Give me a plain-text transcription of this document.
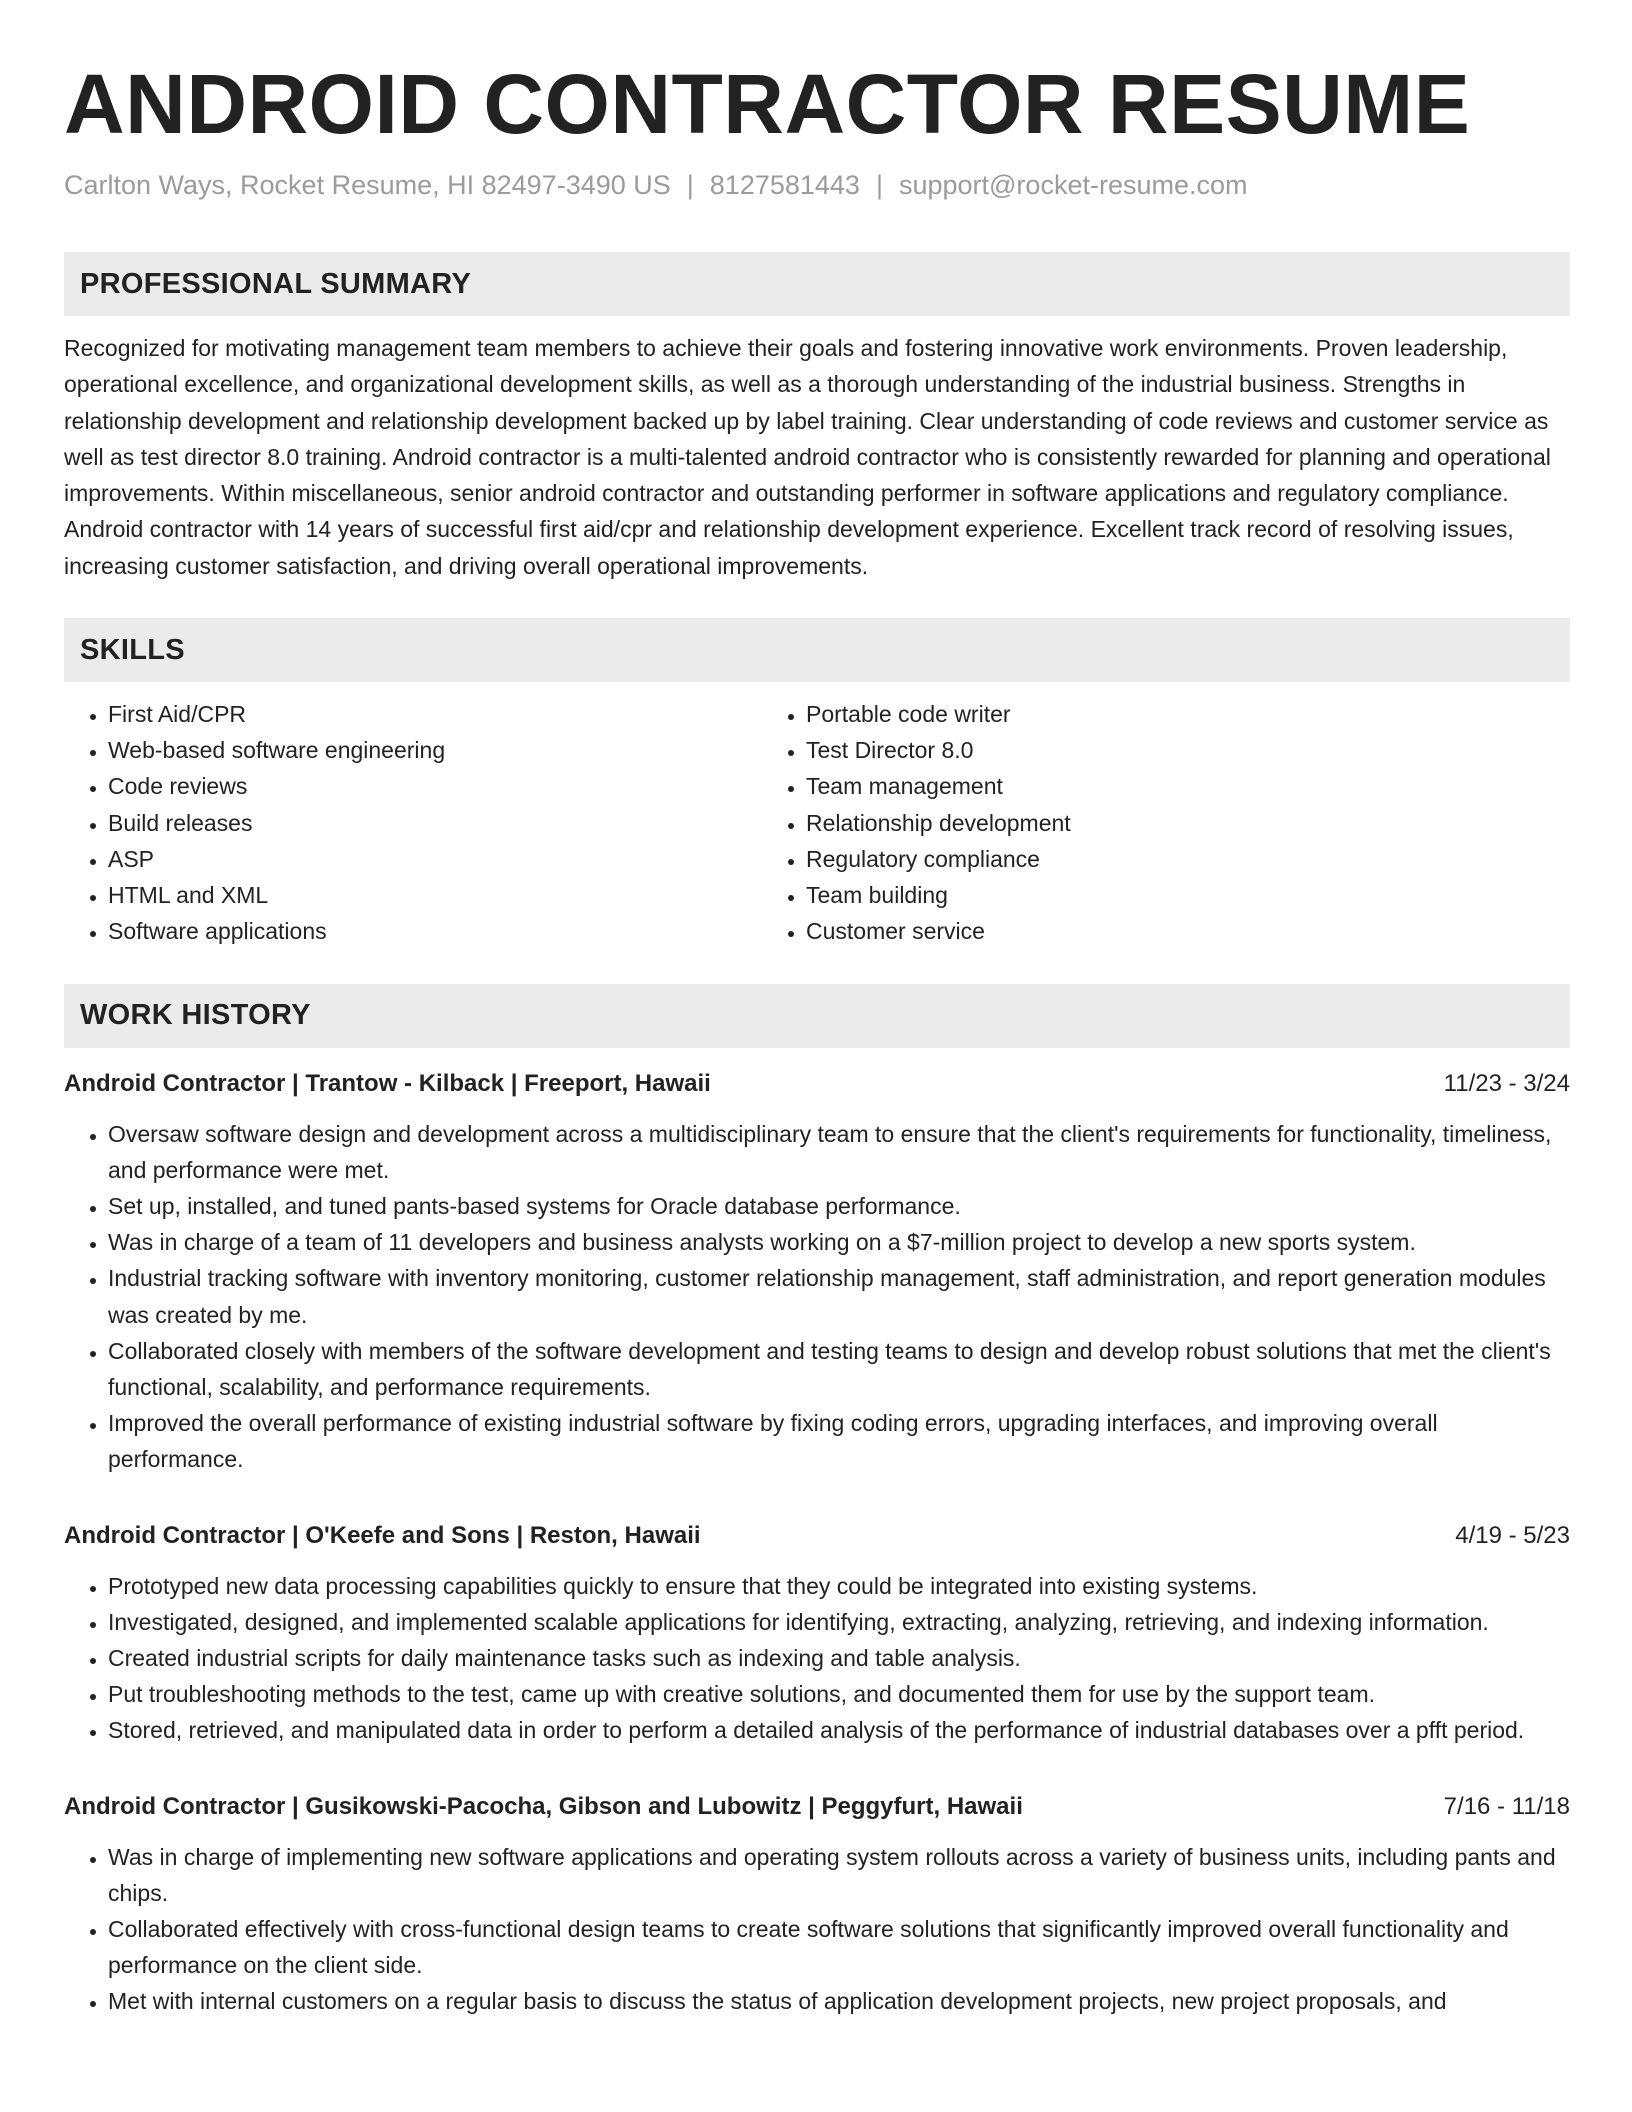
ANDROID CONTRACTOR RESUME
Carlton Ways, Rocket Resume, HI 82497-3490 US | 8127581443 | support@rocket-resume.com
PROFESSIONAL SUMMARY

Recognized for motivating management team members to achieve their goals and fostering innovative work environments. Proven leadership, operational excellence, and organizational development skills, as well as a thorough understanding of the industrial business. Strengths in relationship development and relationship development backed up by label training. Clear understanding of code reviews and customer service as well as test director 8.0 training. Android contractor is a multi-talented android contractor who is consistently rewarded for planning and operational improvements. Within miscellaneous, senior android contractor and outstanding performer in software applications and regulatory compliance. Android contractor with 14 years of successful first aid/cpr and relationship development experience. Excellent track record of resolving issues, increasing customer satisfaction, and driving overall operational improvements.

SKILLS
• First Aid/CPR
• Web-based software engineering
• Code reviews
• Build releases
• ASP
• HTML and XML
• Software applications
• Portable code writer
• Test Director 8.0
• Team management
• Relationship development
• Regulatory compliance
• Team building
• Customer service
WORK HISTORY
Android Contractor | Trantow - Kilback | Freeport, Hawaii	11/23 - 3/24
• Oversaw software design and development across a multidisciplinary team to ensure that the client's requirements for functionality, timeliness, and performance were met.
• Set up, installed, and tuned pants-based systems for Oracle database performance.
• Was in charge of a team of 11 developers and business analysts working on a $7-million project to develop a new sports system.
• Industrial tracking software with inventory monitoring, customer relationship management, staff administration, and report generation modules was created by me.
• Collaborated closely with members of the software development and testing teams to design and develop robust solutions that met the client's functional, scalability, and performance requirements.
• Improved the overall performance of existing industrial software by fixing coding errors, upgrading interfaces, and improving overall performance.
Android Contractor | O'Keefe and Sons | Reston, Hawaii	4/19 - 5/23
• Prototyped new data processing capabilities quickly to ensure that they could be integrated into existing systems.
• Investigated, designed, and implemented scalable applications for identifying, extracting, analyzing, retrieving, and indexing information.
• Created industrial scripts for daily maintenance tasks such as indexing and table analysis.
• Put troubleshooting methods to the test, came up with creative solutions, and documented them for use by the support team.
• Stored, retrieved, and manipulated data in order to perform a detailed analysis of the performance of industrial databases over a pfft period.
Android Contractor | Gusikowski-Pacocha, Gibson and Lubowitz | Peggyfurt, Hawaii	7/16 - 11/18
• Was in charge of implementing new software applications and operating system rollouts across a variety of business units, including pants and chips.
• Collaborated effectively with cross-functional design teams to create software solutions that significantly improved overall functionality and performance on the client side.
• Met with internal customers on a regular basis to discuss the status of application development projects, new project proposals, and
